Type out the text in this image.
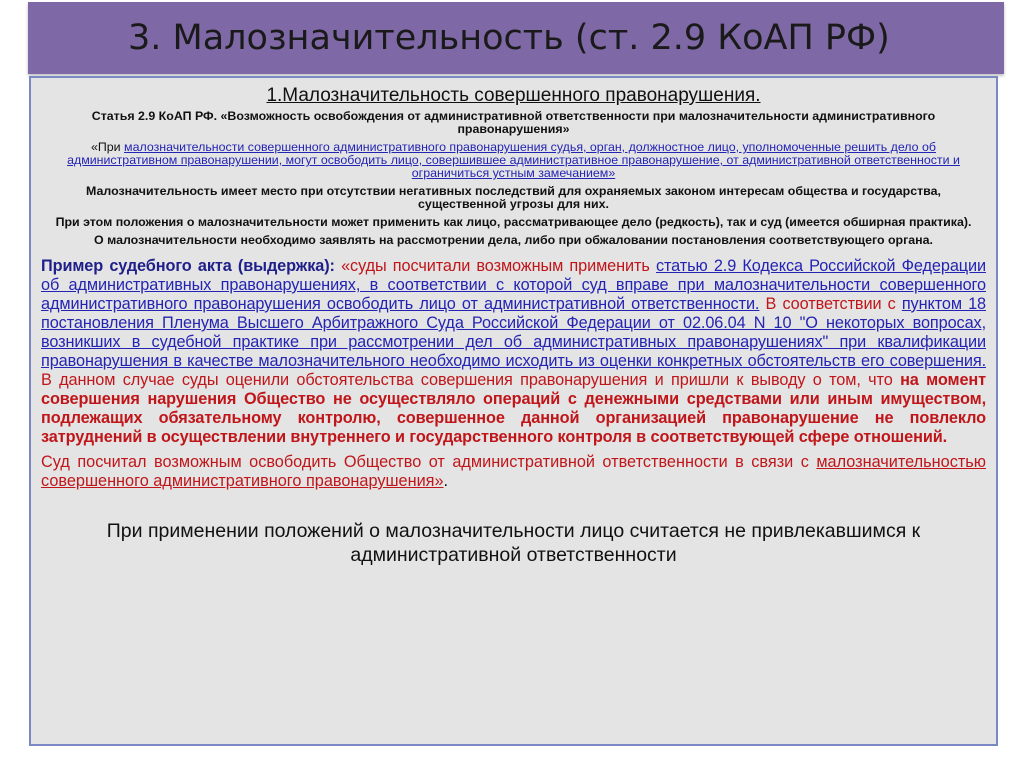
3. Малозначительность (ст. 2.9 КоАП РФ)
1.Малозначительность совершенного правонарушения.
Статья 2.9 КоАП РФ. «Возможность освобождения от административной ответственности при малозначительности административного правонарушения»
«При малозначительности совершенного административного правонарушения судья, орган, должностное лицо, уполномоченные решить дело об административном правонарушении, могут освободить лицо, совершившее административное правонарушение, от административной ответственности и ограничиться устным замечанием»
Малозначительность имеет место при отсутствии негативных последствий для охраняемых законом интересам общества и государства, существенной угрозы для них.
При этом положения о малозначительности может применить как лицо, рассматривающее дело (редкость), так и суд (имеется обширная практика).
О малозначительности необходимо заявлять на рассмотрении дела, либо при обжаловании постановления соответствующего органа.
Пример судебного акта (выдержка): «суды посчитали возможным применить статью 2.9 Кодекса Российской Федерации об административных правонарушениях, в соответствии с которой суд вправе при малозначительности совершенного административного правонарушения освободить лицо от административной ответственности. В соответствии с пунктом 18 постановления Пленума Высшего Арбитражного Суда Российской Федерации от 02.06.04 N 10 "О некоторых вопросах, возникших в судебной практике при рассмотрении дел об административных правонарушениях" при квалификации правонарушения в качестве малозначительного необходимо исходить из оценки конкретных обстоятельств его совершения. В данном случае суды оценили обстоятельства совершения правонарушения и пришли к выводу о том, что на момент совершения нарушения Общество не осуществляло операций с денежными средствами или иным имуществом, подлежащих обязательному контролю, совершенное данной организацией правонарушение не повлекло затруднений в осуществлении внутреннего и государственного контроля в соответствующей сфере отношений.
Суд посчитал возможным освободить Общество от административной ответственности в связи с малозначительностью совершенного административного правонарушения».
При применении положений о малозначительности лицо считается не привлекавшимся к административной ответственности
